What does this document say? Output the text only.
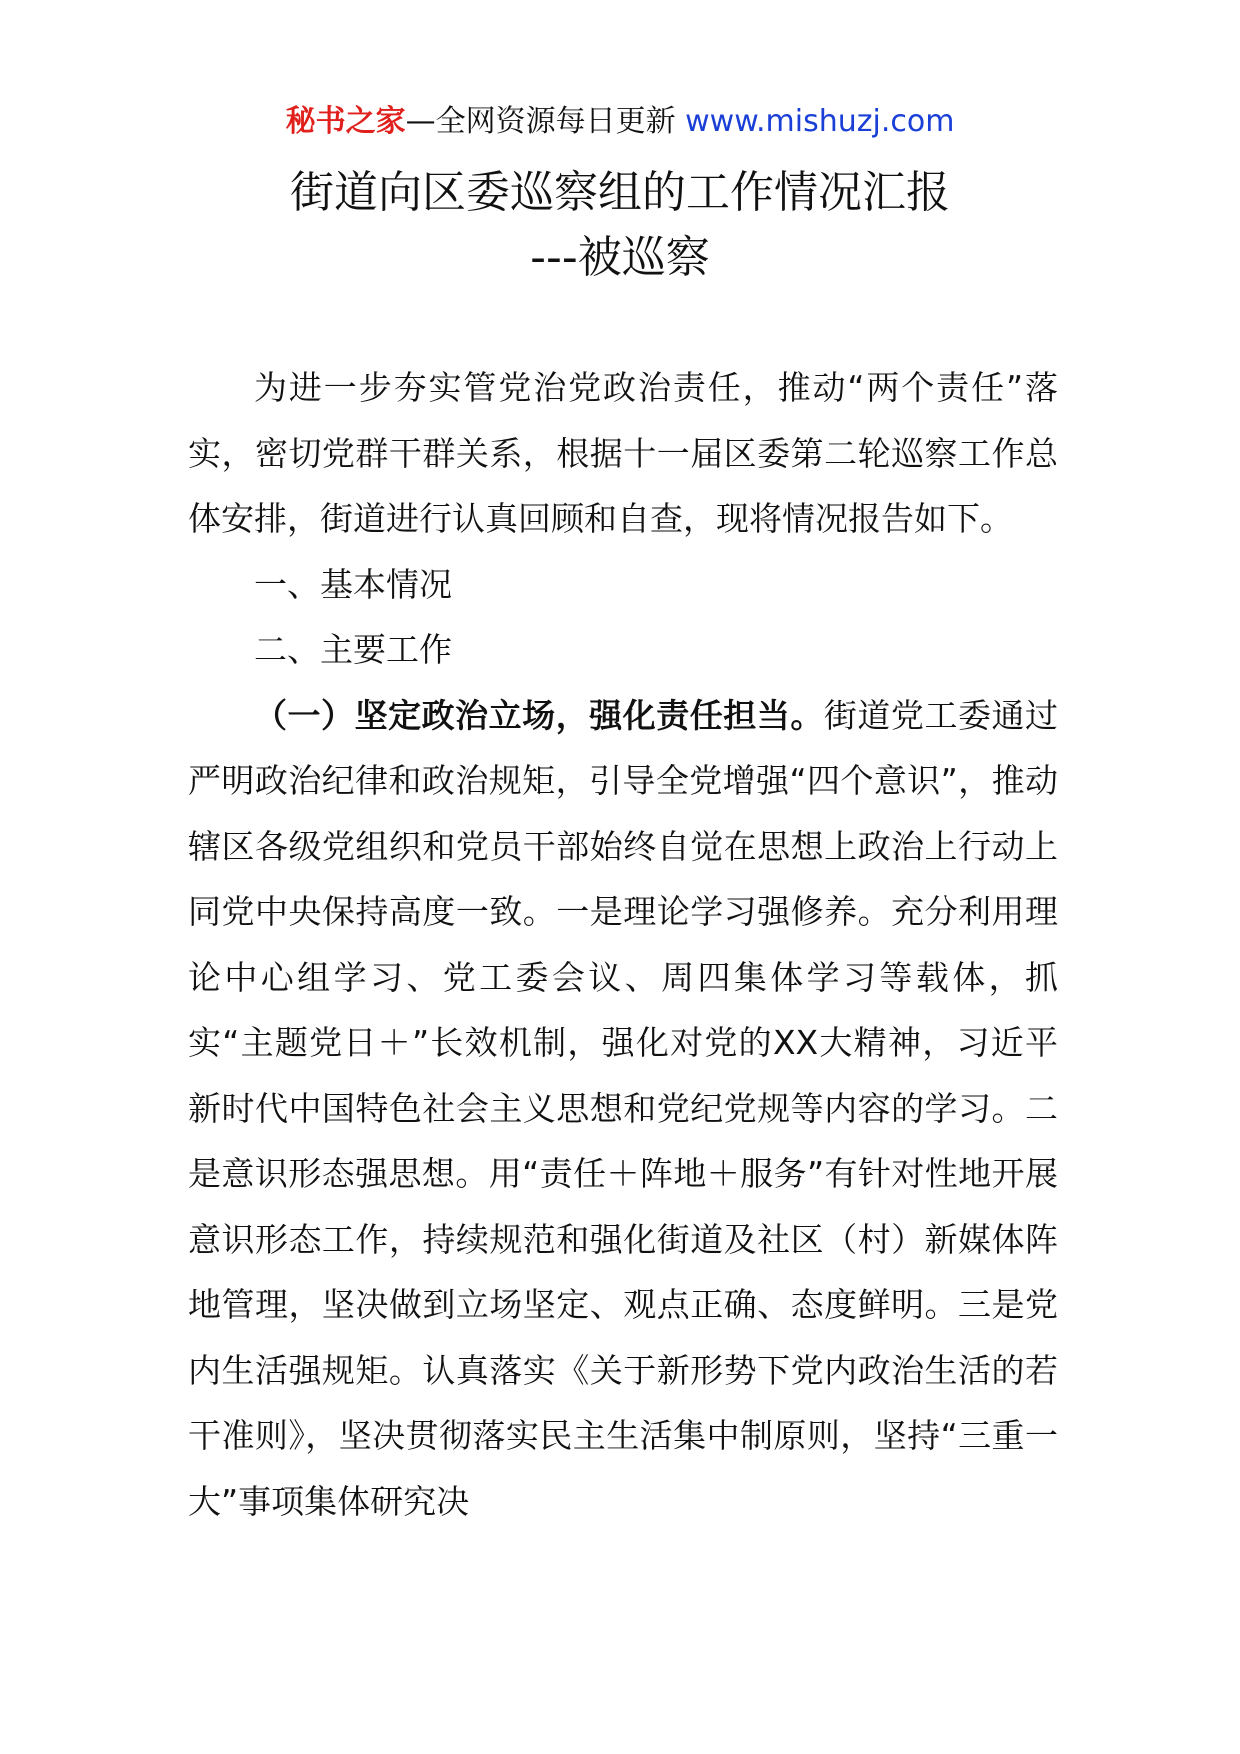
秘书之家—全网资源每日更新 www.mishuzj.com
街道向区委巡察组的工作情况汇报
---被巡察

为进一步夯实管党治党政治责任，推动“两个责任”落实，密切党群干群关系，根据十一届区委第二轮巡察工作总体安排，街道进行认真回顾和自查，现将情况报告如下。

一、基本情况

二、主要工作

（一）坚定政治立场，强化责任担当。街道党工委通过严明政治纪律和政治规矩，引导全党增强“四个意识”，推动辖区各级党组织和党员干部始终自觉在思想上政治上行动上同党中央保持高度一致。一是理论学习强修养。充分利用理论中心组学习、党工委会议、周四集体学习等载体，抓实“主题党日＋”长效机制，强化对党的XX大精神，习近平新时代中国特色社会主义思想和党纪党规等内容的学习。二是意识形态强思想。用“责任＋阵地＋服务”有针对性地开展意识形态工作，持续规范和强化街道及社区（村）新媒体阵地管理，坚决做到立场坚定、观点正确、态度鲜明。三是党内生活强规矩。认真落实《关于新形势下党内政治生活的若干准则》，坚决贯彻落实民主生活集中制原则，坚持“三重一大”事项集体研究决
